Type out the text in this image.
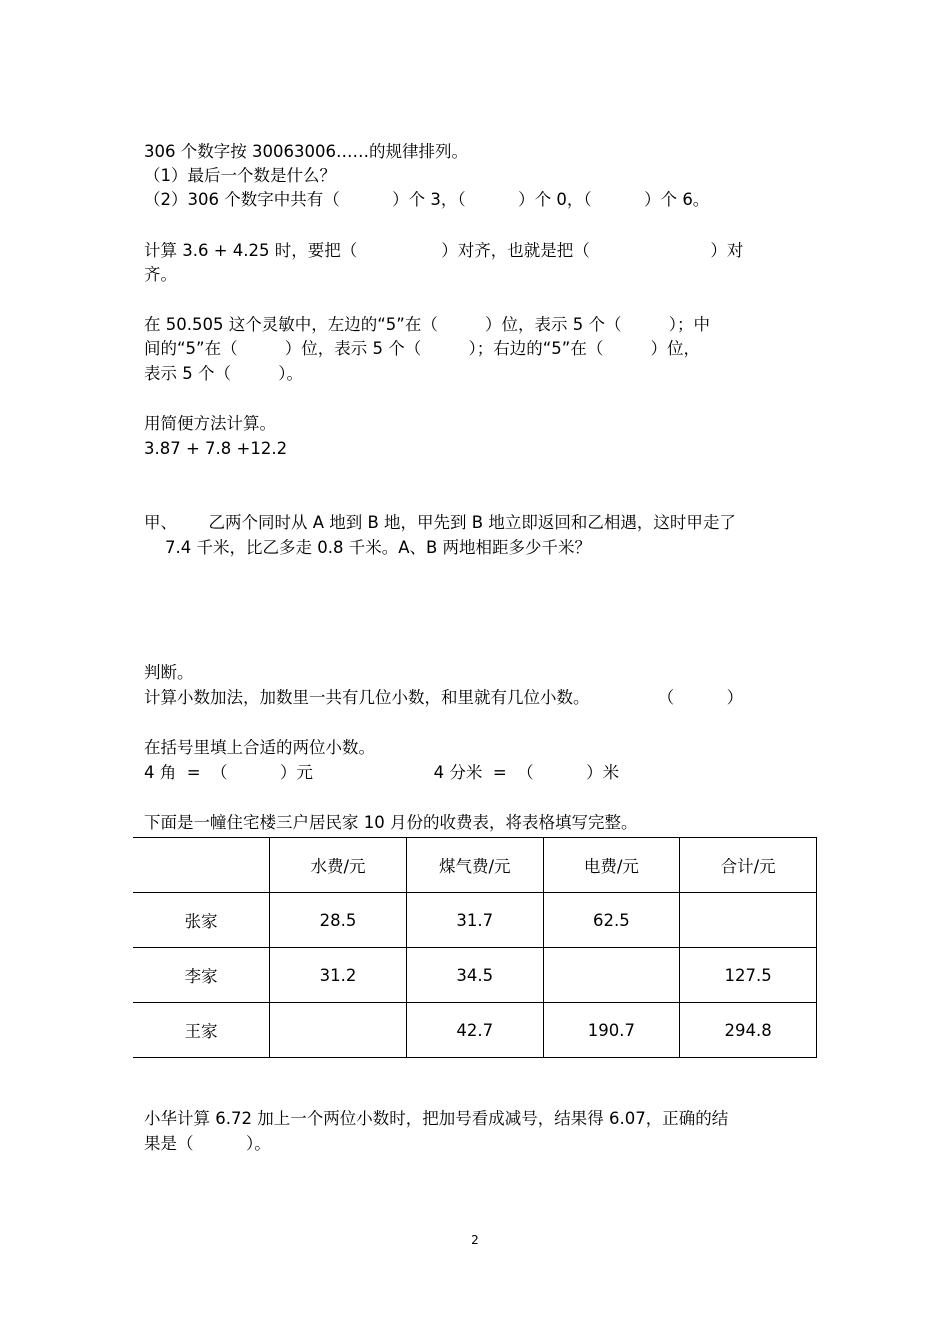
306 个数字按 30063006……的规律排列。

（1）最后一个数是什么？

（2）306 个数字中共有（          ）个 3，（          ）个 0，（          ）个 6。

计算 3.6 + 4.25 时，要把（                ）对齐，也就是把（                       ）对

齐。

在 50.505 这个灵敏中，左边的“5”在（         ）位，表示 5 个（         ）；中

间的“5”在（         ）位，表示 5 个（         ）；右边的“5”在（         ）位，

表示 5 个（         ）。

用简便方法计算。

3.87 + 7.8 +12.2

甲、      乙两个同时从 A 地到 B 地，甲先到 B 地立即返回和乙相遇，这时甲走了

7.4 千米，比乙多走 0.8 千米。A、B 两地相距多少千米？

判断。

计算小数加法，加数里一共有几位小数，和里就有几位小数。             （          ）

在括号里填上合适的两位小数。

4 角  =  （          ）元                       4 分米  =  （          ）米

下面是一幢住宅楼三户居民家 10 月份的收费表，将表格填写完整。

	水费/元	煤气费/元	电费/元	合计/元
张家	28.5	31.7	62.5	
李家	31.2	34.5		127.5
王家		42.7	190.7	294.8

小华计算 6.72 加上一个两位小数时，把加号看成减号，结果得 6.07，正确的结

果是（          ）。

2
